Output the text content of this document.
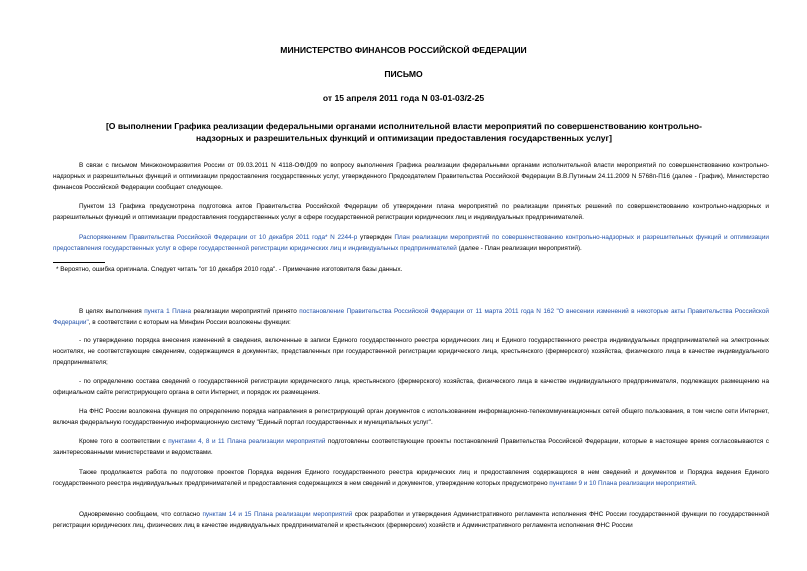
МИНИСТЕРСТВО ФИНАНСОВ РОССИЙСКОЙ ФЕДЕРАЦИИ
ПИСЬМО
от 15 апреля 2011 года N 03-01-03/2-25
[О выполнении Графика реализации федеральными органами исполнительной власти мероприятий по совершенствованию контрольно-надзорных и разрешительных функций и оптимизации предоставления государственных услуг]
В связи с письмом Минэкономразвития России от 09.03.2011 N 4118-ОФ/Д09 по вопросу выполнения Графика реализации федеральными органами исполнительной власти мероприятий по совершенствованию контрольно-надзорных и разрешительных функций и оптимизации предоставления государственных услуг, утвержденного Председателем Правительства Российской Федерации В.В.Путиным 24.11.2009 N 5768п-П16 (далее - График), Министерство финансов Российской Федерации сообщает следующее.
Пунктом 13 Графика предусмотрена подготовка актов Правительства Российской Федерации об утверждении плана мероприятий по реализации принятых решений по совершенствованию контрольно-надзорных и разрешительных функций и оптимизации предоставления государственных услуг в сфере государственной регистрации юридических лиц и индивидуальных предпринимателей.
Распоряжением Правительства Российской Федерации от 10 декабря 2011 года* N 2244-р утвержден План реализации мероприятий по совершенствованию контрольно-надзорных и разрешительных функций и оптимизации предоставления государственных услуг в сфере государственной регистрации юридических лиц и индивидуальных предпринимателей (далее - План реализации мероприятий).
* Вероятно, ошибка оригинала. Следует читать "от 10 декабря 2010 года". - Примечание изготовителя базы данных.
В целях выполнения пункта 1 Плана реализации мероприятий принято постановление Правительства Российской Федерации от 11 марта 2011 года N 162 "О внесении изменений в некоторые акты Правительства Российской Федерации", в соответствии с которым на Минфин России возложены функции:
- по утверждению порядка внесения изменений в сведения, включенные в записи Единого государственного реестра юридических лиц и Единого государственного реестра индивидуальных предпринимателей на электронных носителях, не соответствующие сведениям, содержащимся в документах, представленных при государственной регистрации юридического лица, крестьянского (фермерского) хозяйства, физического лица в качестве индивидуального предпринимателя;
- по определению состава сведений о государственной регистрации юридического лица, крестьянского (фермерского) хозяйства, физического лица в качестве индивидуального предпринимателя, подлежащих размещению на официальном сайте регистрирующего органа в сети Интернет, и порядок их размещения.
На ФНС России возложена функция по определению порядка направления в регистрирующий орган документов с использованием информационно-телекоммуникационных сетей общего пользования, в том числе сети Интернет, включая федеральную государственную информационную систему "Единый портал государственных и муниципальных услуг".
Кроме того в соответствии с пунктами 4, 8 и 11 Плана реализации мероприятий подготовлены соответствующие проекты постановлений Правительства Российской Федерации, которые в настоящее время согласовываются с заинтересованными министерствами и ведомствами.
Также продолжается работа по подготовке проектов Порядка ведения Единого государственного реестра юридических лиц и предоставления содержащихся в нем сведений и документов и Порядка ведения Единого государственного реестра индивидуальных предпринимателей и предоставления содержащихся в нем сведений и документов, утверждение которых предусмотрено пунктами 9 и 10 Плана реализации мероприятий.
Одновременно сообщаем, что согласно пунктам 14 и 15 Плана реализации мероприятий срок разработки и утверждения Административного регламента исполнения ФНС России государственной функции по государственной регистрации юридических лиц, физических лиц в качестве индивидуальных предпринимателей и крестьянских (фермерских) хозяйств и Административного регламента исполнения ФНС России
